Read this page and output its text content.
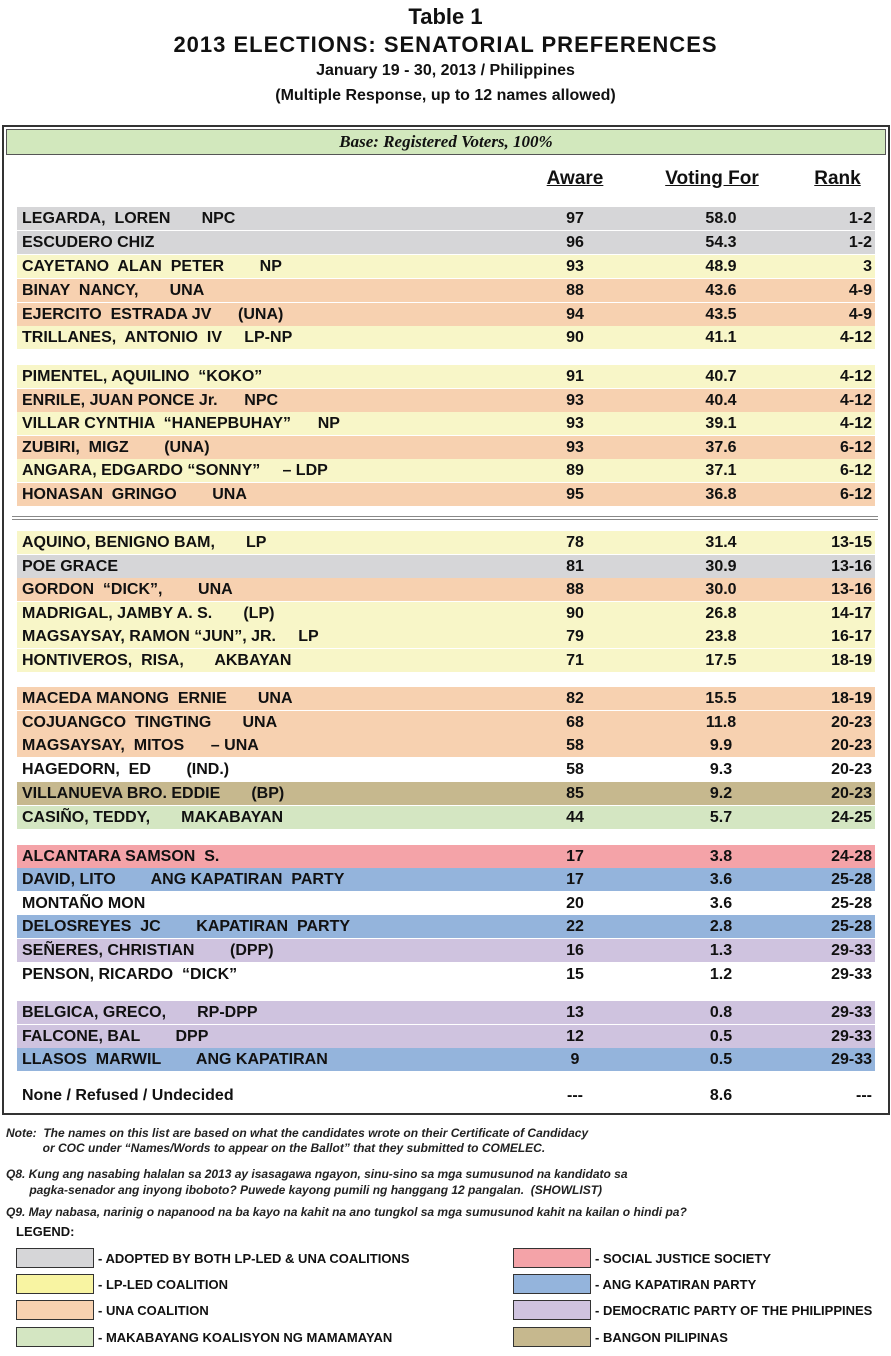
Table 1
2013 ELECTIONS: SENATORIAL PREFERENCES
January 19 - 30, 2013 / Philippines
(Multiple Response, up to 12 names allowed)
Base: Registered Voters, 100%
Aware	Voting For	Rank
LEGARDA,  LOREN       NPC	97	58.0	1-2
ESCUDERO CHIZ	96	54.3	1-2
CAYETANO  ALAN  PETER        NP	93	48.9	3
BINAY  NANCY,       UNA	88	43.6	4-9
EJERCITO  ESTRADA JV      (UNA)	94	43.5	4-9
TRILLANES,  ANTONIO  IV     LP-NP	90	41.1	4-12
PIMENTEL, AQUILINO  “KOKO”	91	40.7	4-12
ENRILE, JUAN PONCE Jr.      NPC	93	40.4	4-12
VILLAR CYNTHIA  “HANEPBUHAY”      NP	93	39.1	4-12
ZUBIRI,  MIGZ        (UNA)	93	37.6	6-12
ANGARA, EDGARDO “SONNY”     – LDP	89	37.1	6-12
HONASAN  GRINGO        UNA	95	36.8	6-12
AQUINO, BENIGNO BAM,       LP	78	31.4	13-15
POE GRACE	81	30.9	13-16
GORDON  “DICK”,        UNA	88	30.0	13-16
MADRIGAL, JAMBY A. S.       (LP)	90	26.8	14-17
MAGSAYSAY, RAMON “JUN”, JR.     LP	79	23.8	16-17
HONTIVEROS,  RISA,       AKBAYAN	71	17.5	18-19
MACEDA MANONG  ERNIE       UNA	82	15.5	18-19
COJUANGCO  TINGTING       UNA	68	11.8	20-23
MAGSAYSAY,  MITOS      – UNA	58	9.9	20-23
HAGEDORN,  ED        (IND.)	58	9.3	20-23
VILLANUEVA BRO. EDDIE       (BP)	85	9.2	20-23
CASIÑO, TEDDY,       MAKABAYAN	44	5.7	24-25
ALCANTARA SAMSON  S.	17	3.8	24-28
DAVID, LITO        ANG KAPATIRAN  PARTY	17	3.6	25-28
MONTAÑO MON	20	3.6	25-28
DELOSREYES  JC        KAPATIRAN  PARTY	22	2.8	25-28
SEÑERES, CHRISTIAN        (DPP)	16	1.3	29-33
PENSON, RICARDO  “DICK”	15	1.2	29-33
BELGICA, GRECO,       RP-DPP	13	0.8	29-33
FALCONE, BAL        DPP	12	0.5	29-33
LLASOS  MARWIL        ANG KAPATIRAN	9	0.5	29-33
None / Refused / Undecided	---	8.6	---
Note:  The names on this list are based on what the candidates wrote on their Certificate of Candidacy
or COC under “Names/Words to appear on the Ballot” that they submitted to COMELEC.
Q8. Kung ang nasabing halalan sa 2013 ay isasagawa ngayon, sinu-sino sa mga sumusunod na kandidato sa
pagka-senador ang inyong iboboto? Puwede kayong pumili ng hanggang 12 pangalan.  (SHOWLIST)
Q9. May nabasa, narinig o napanood na ba kayo na kahit na ano tungkol sa mga sumusunod kahit na kailan o hindi pa?
LEGEND:
- ADOPTED BY BOTH LP-LED & UNA COALITIONS
- LP-LED COALITION
- UNA COALITION
- MAKABAYANG KOALISYON NG MAMAMAYAN
- SOCIAL JUSTICE SOCIETY
- ANG KAPATIRAN PARTY
- DEMOCRATIC PARTY OF THE PHILIPPINES
- BANGON PILIPINAS
